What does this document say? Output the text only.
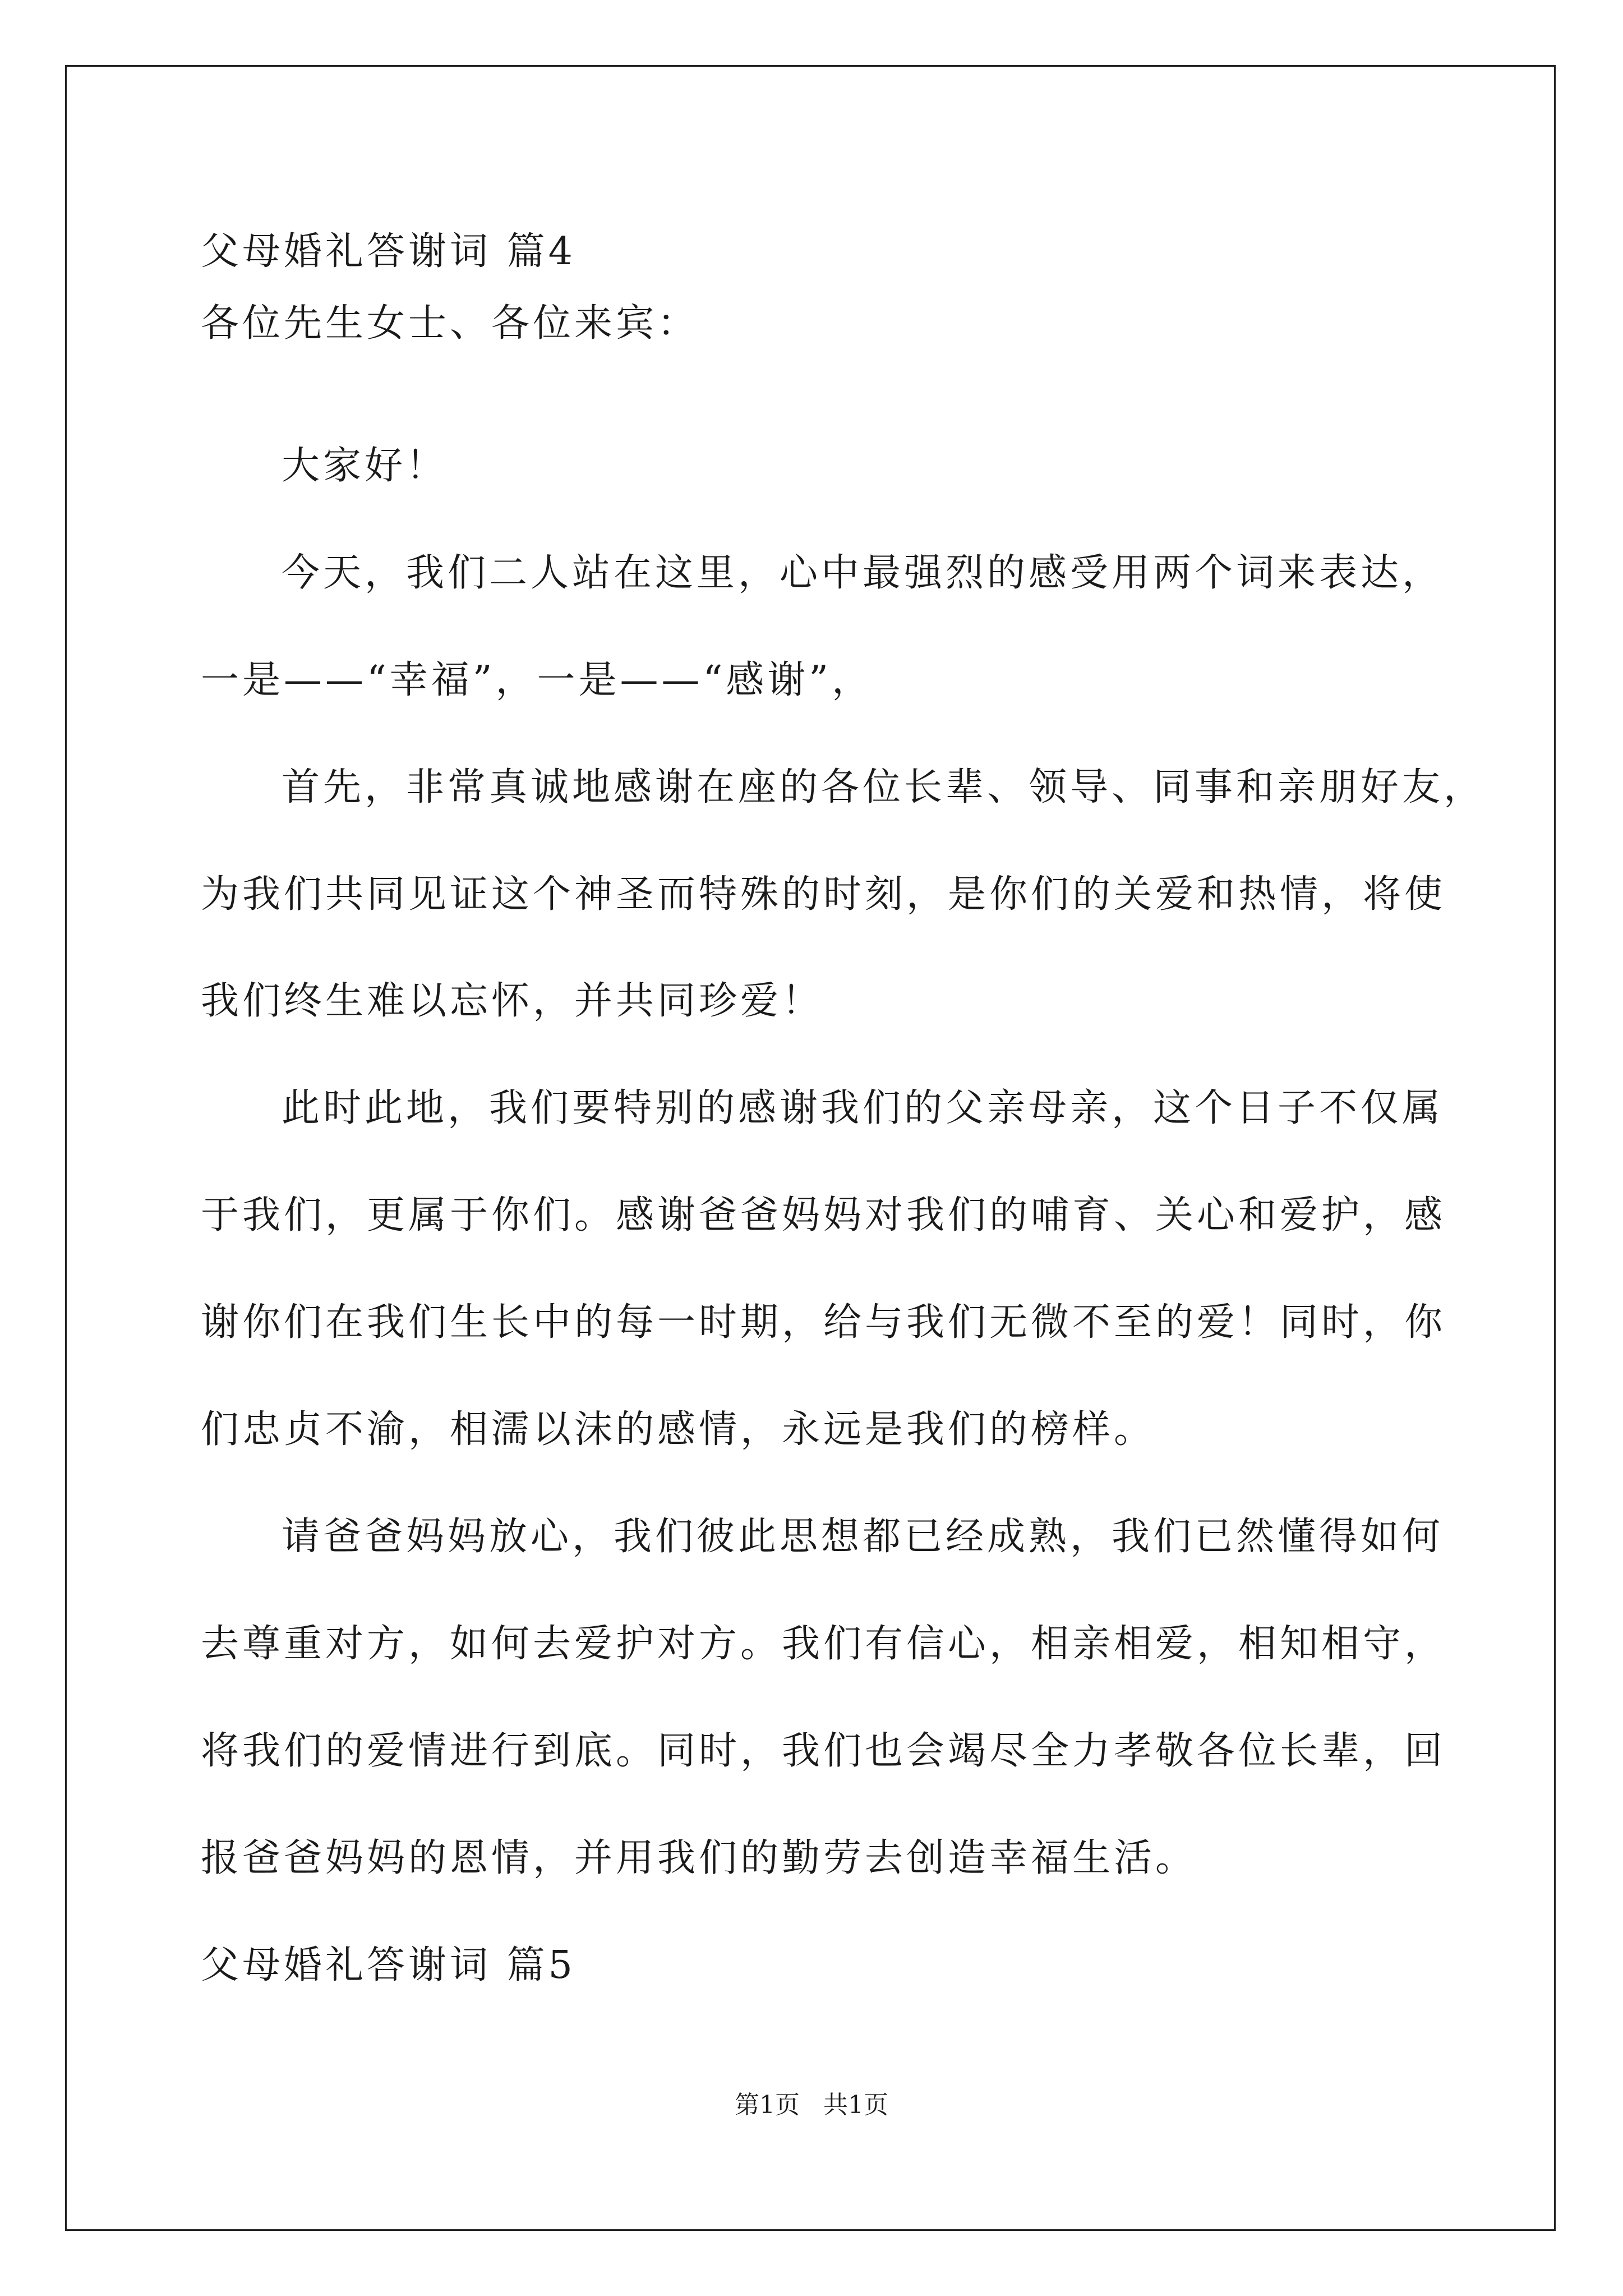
父母婚礼答谢词 篇4
各位先生女士、各位来宾：
大家好！
今天，我们二人站在这里，心中最强烈的感受用两个词来表达，
一是——“幸福”，一是——“感谢”，
首先，非常真诚地感谢在座的各位长辈、领导、同事和亲朋好友，
为我们共同见证这个神圣而特殊的时刻，是你们的关爱和热情，将使
我们终生难以忘怀，并共同珍爱！
此时此地，我们要特别的感谢我们的父亲母亲，这个日子不仅属
于我们，更属于你们。感谢爸爸妈妈对我们的哺育、关心和爱护，感
谢你们在我们生长中的每一时期，给与我们无微不至的爱！同时，你
们忠贞不渝，相濡以沫的感情，永远是我们的榜样。
请爸爸妈妈放心，我们彼此思想都已经成熟，我们已然懂得如何
去尊重对方，如何去爱护对方。我们有信心，相亲相爱，相知相守，
将我们的爱情进行到底。同时，我们也会竭尽全力孝敬各位长辈，回
报爸爸妈妈的恩情，并用我们的勤劳去创造幸福生活。
父母婚礼答谢词 篇5
第1页   共1页
